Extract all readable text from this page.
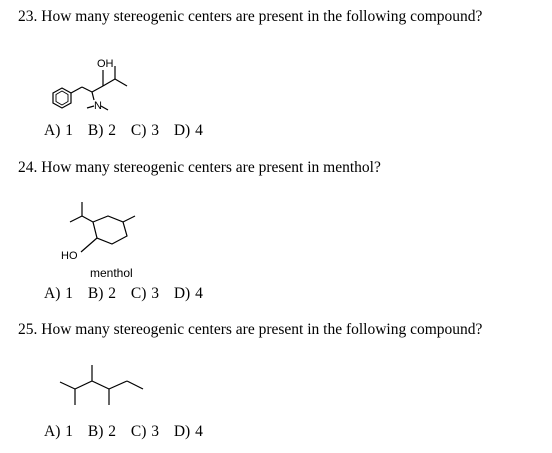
23. How many stereogenic centers are present in the following compound?
OH
N
A) 1 B) 2 C) 3 D) 4
24. How many stereogenic centers are present in menthol?
HO
menthol
A) 1 B) 2 C) 3 D) 4
25. How many stereogenic centers are present in the following compound?
A) 1 B) 2 C) 3 D) 4
